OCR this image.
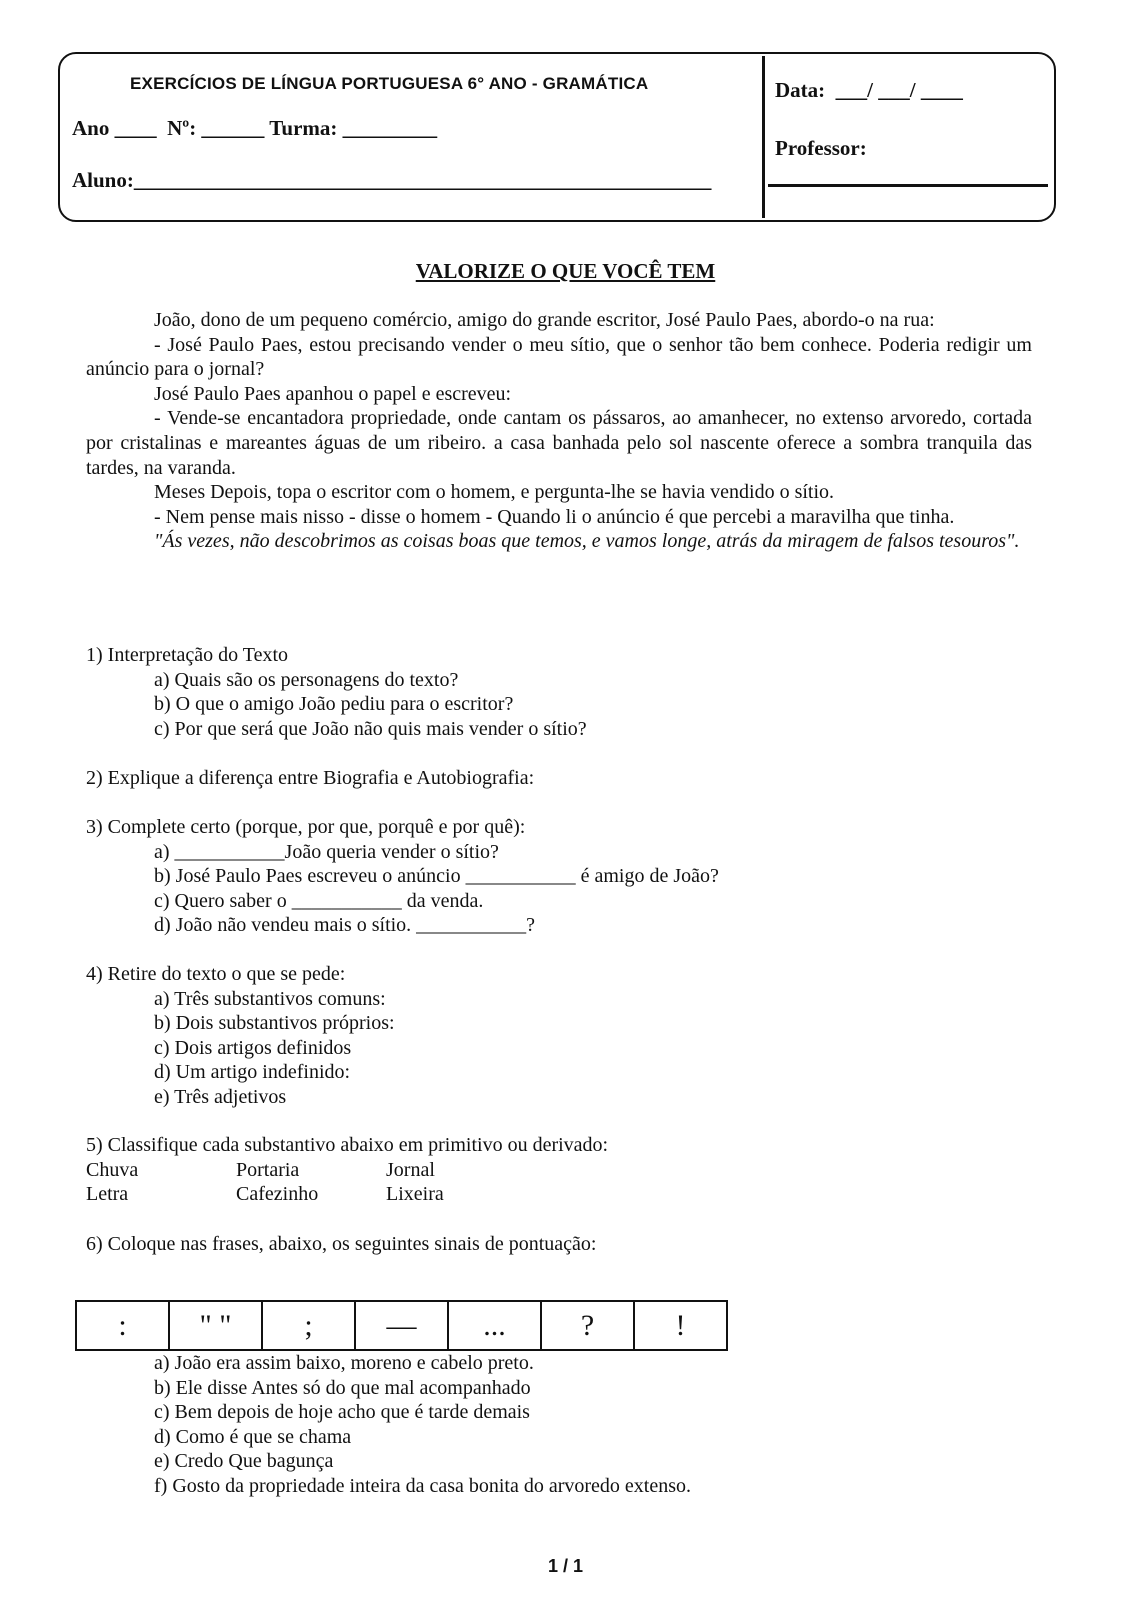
EXERCÍCIOS DE LÍNGUA PORTUGUESA 6° ANO - GRAMÁTICA
Ano ____  Nº: ______ Turma: _________
Aluno:_______________________________________________________
Data:  ___/ ___/ ____
Professor:
VALORIZE O QUE VOCÊ TEM

João, dono de um pequeno comércio, amigo do grande escritor, José Paulo Paes, abordo-o na rua:

- José Paulo Paes, estou precisando vender o meu sítio, que o senhor tão bem conhece. Poderia redigir um anúncio para o jornal?

José Paulo Paes apanhou o papel e escreveu:

- Vende-se encantadora propriedade, onde cantam os pássaros, ao amanhecer, no extenso arvoredo, cortada por cristalinas e mareantes águas de um ribeiro. a casa banhada pelo sol nascente oferece a sombra tranquila das tardes, na varanda.

Meses Depois, topa o escritor com o homem, e pergunta-lhe se havia vendido o sítio.

- Nem pense mais nisso - disse o homem - Quando li o anúncio é que percebi a maravilha que tinha.

"Ás vezes, não descobrimos as coisas boas que temos, e vamos longe, atrás da miragem de falsos tesouros".

1) Interpretação do Texto

a) Quais são os personagens do texto?

b) O que o amigo João pediu para o escritor?

c) Por que será que João não quis mais vender o sítio?

2) Explique a diferença entre Biografia e Autobiografia:

3) Complete certo (porque, por que, porquê e por quê):

a) ___________João queria vender o sítio?

b) José Paulo Paes escreveu o anúncio ___________ é amigo de João?

c) Quero saber o ___________ da venda.

d) João não vendeu mais o sítio. ___________?

4) Retire do texto o que se pede:

a) Três substantivos comuns:

b) Dois substantivos próprios:

c) Dois artigos definidos

d) Um artigo indefinido:

e) Três adjetivos

5) Classifique cada substantivo abaixo em primitivo ou derivado:

Chuva	Portaria	Jornal
Letra	Cafezinho	Lixeira

6) Coloque nas frases, abaixo, os seguintes sinais de pontuação:

:	" "	;	—	...	?	!

a) João era assim baixo, moreno e cabelo preto.

b) Ele disse Antes só do que mal acompanhado

c) Bem depois de hoje acho que é tarde demais

d) Como é que se chama

e) Credo Que bagunça

f) Gosto da propriedade inteira da casa bonita do arvoredo extenso.

1 / 1
